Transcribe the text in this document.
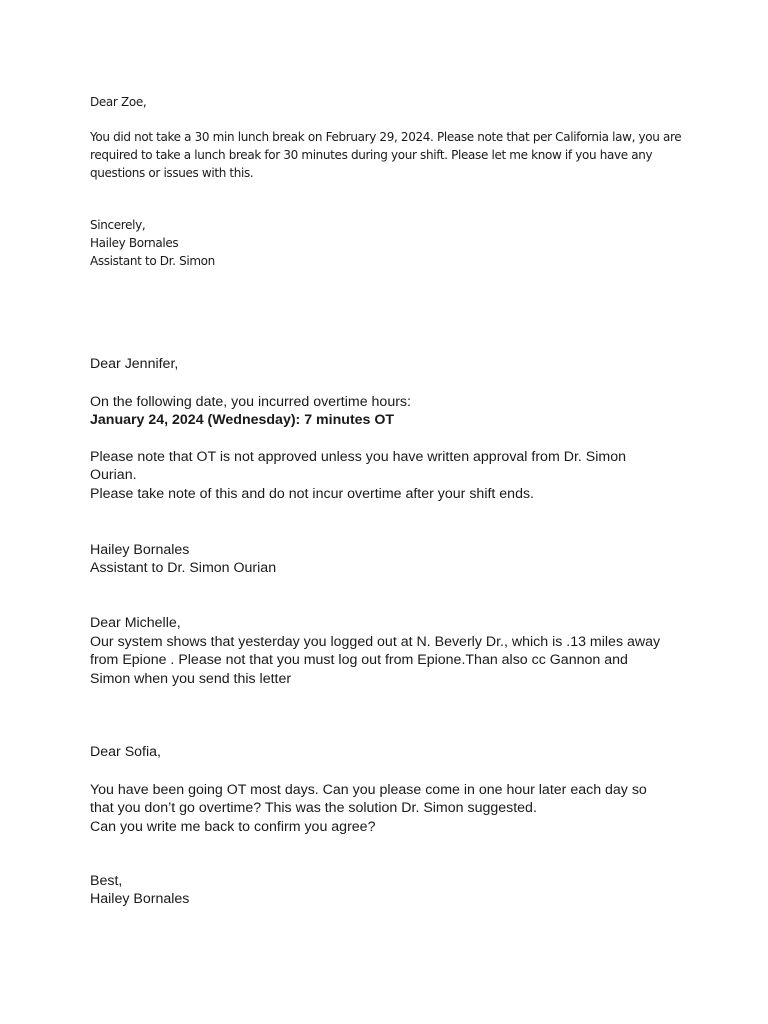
Dear Zoe,
You did not take a 30 min lunch break on February 29, 2024. Please note that per California law, you are
required to take a lunch break for 30 minutes during your shift. Please let me know if you have any
questions or issues with this.
Sincerely,
Hailey Bornales
Assistant to Dr. Simon
Dear Jennifer,
On the following date, you incurred overtime hours:
January 24, 2024 (Wednesday): 7 minutes OT
Please note that OT is not approved unless you have written approval from Dr. Simon
Ourian.
Please take note of this and do not incur overtime after your shift ends.
Hailey Bornales
Assistant to Dr. Simon Ourian
Dear Michelle,
Our system shows that yesterday you logged out at N. Beverly Dr., which is .13 miles away
from Epione . Please not that you must log out from Epione.Than also cc Gannon and
Simon when you send this letter
Dear Sofia,
You have been going OT most days. Can you please come in one hour later each day so
that you don’t go overtime? This was the solution Dr. Simon suggested.
Can you write me back to confirm you agree?
Best,
Hailey Bornales
